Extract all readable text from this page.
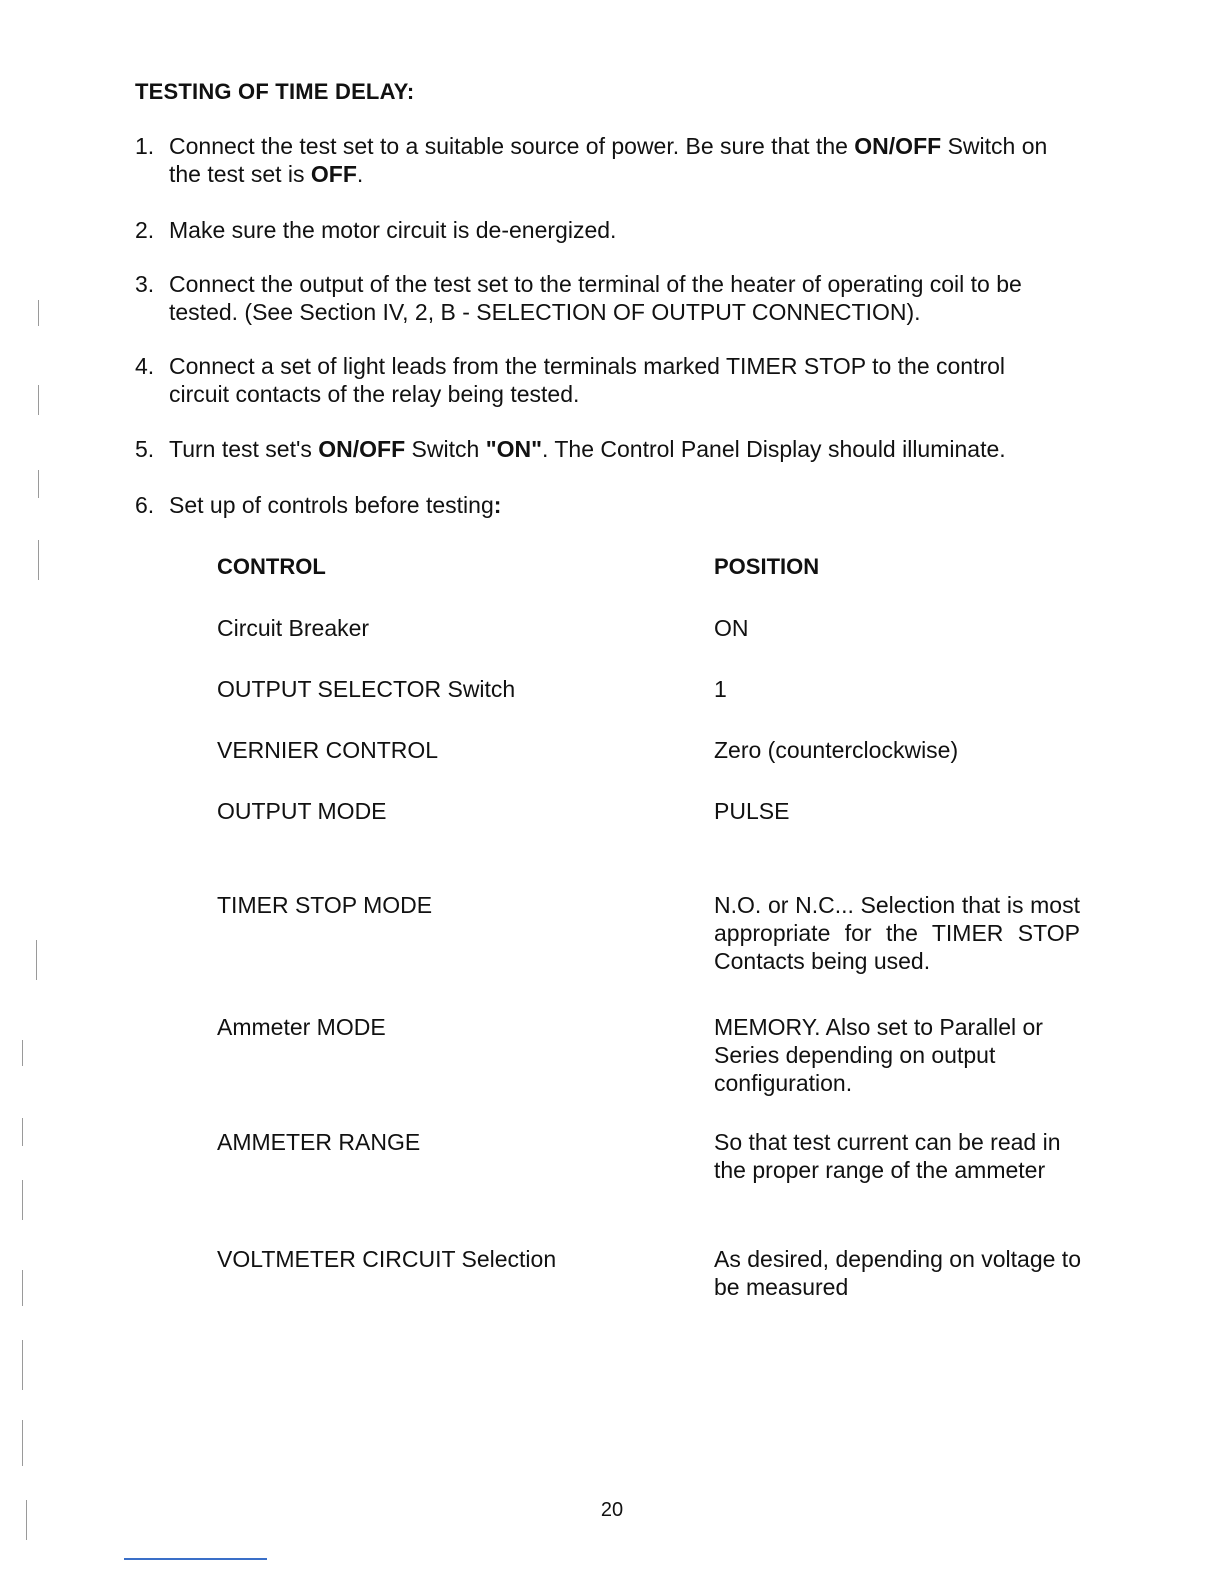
TESTING OF TIME DELAY:
1. Connect the test set to a suitable source of power. Be sure that the ON/OFF Switch on the test set is OFF.
2. Make sure the motor circuit is de-energized.
3. Connect the output of the test set to the terminal of the heater of operating coil to be tested. (See Section IV, 2, B - SELECTION OF OUTPUT CONNECTION).
4. Connect a set of light leads from the terminals marked TIMER STOP to the control circuit contacts of the relay being tested.
5. Turn test set's ON/OFF Switch "ON". The Control Panel Display should illuminate.
6. Set up of controls before testing:
CONTROL	POSITION
Circuit Breaker	ON
OUTPUT SELECTOR Switch	1
VERNIER CONTROL	Zero (counterclockwise)
OUTPUT MODE	PULSE
TIMER STOP MODE	N.O. or N.C... Selection that is most appropriate for the TIMER STOP Contacts being used.
Ammeter MODE	MEMORY. Also set to Parallel or Series depending on output configuration.
AMMETER RANGE	So that test current can be read in the proper range of the ammeter
VOLTMETER CIRCUIT Selection	As desired, depending on voltage to be measured
20
